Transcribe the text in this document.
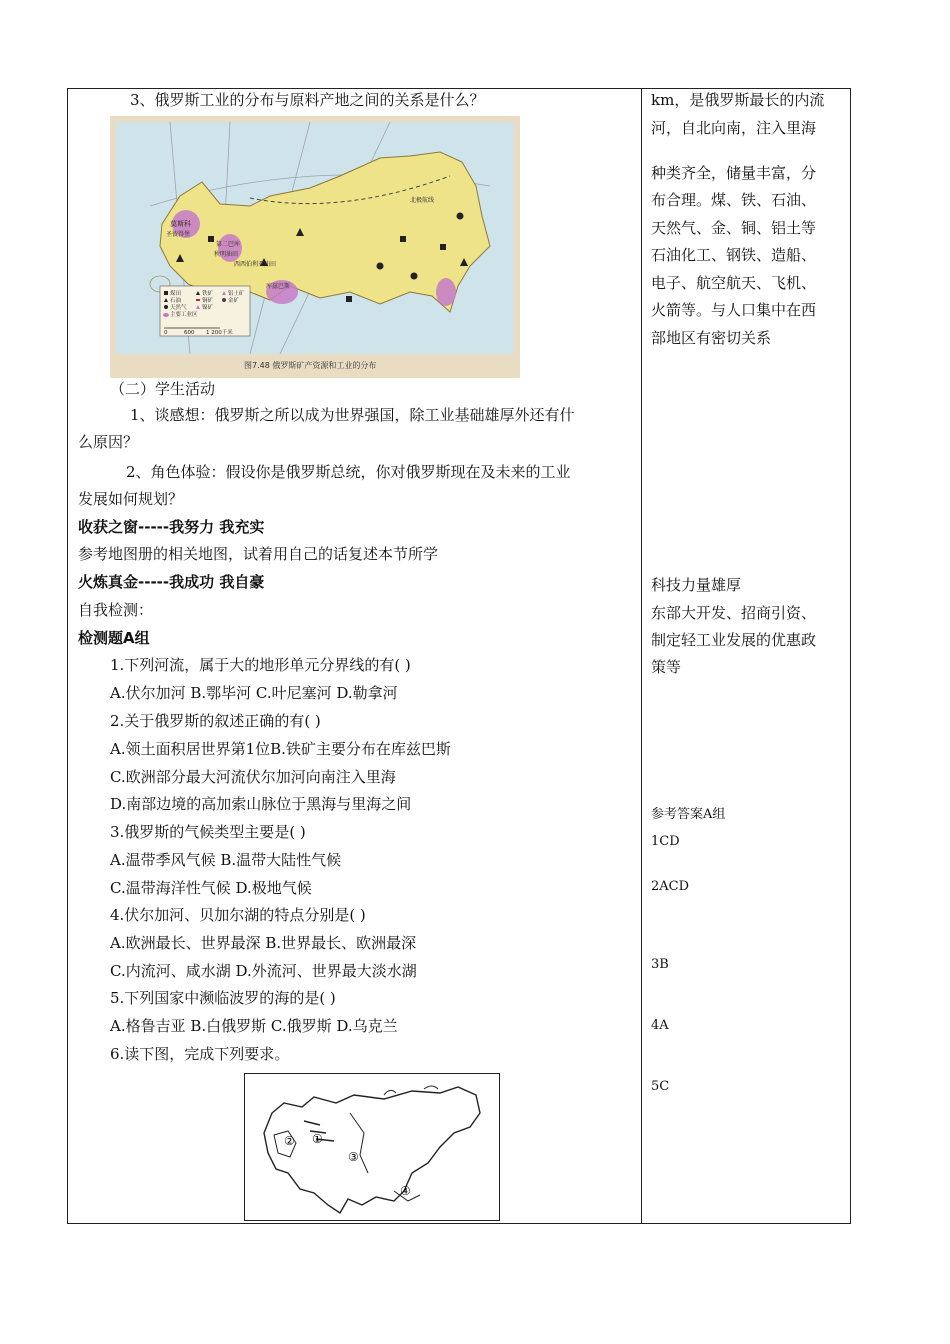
3、俄罗斯工业的分布与原料产地之间的关系是什么？
莫斯科
圣彼得堡
第二巴库
库兹巴斯
西西伯利亚油田
秋明油田
北极航线
煤田
石油
天然气
主要工业区
铁矿
铜矿
镍矿
铝土矿
金矿
0	600 1 200千米
图7.48 俄罗斯矿产资源和工业的分布
（二）学生活动
1、谈感想：俄罗斯之所以成为世界强国，除工业基础雄厚外还有什
么原因？
2、角色体验：假设你是俄罗斯总统，你对俄罗斯现在及未来的工业
发展如何规划？
收获之窗-----我努力 我充实
参考地图册的相关地图，试着用自己的话复述本节所学
火炼真金-----我成功 我自豪
自我检测：
检测题A组
1.下列河流，属于大的地形单元分界线的有( )
A.伏尔加河 B.鄂毕河 C.叶尼塞河 D.勒拿河
2.关于俄罗斯的叙述正确的有( )
A.领土面积居世界第1位B.铁矿主要分布在库兹巴斯
C.欧洲部分最大河流伏尔加河向南注入里海
D.南部边境的高加索山脉位于黑海与里海之间
3.俄罗斯的气候类型主要是( )
A.温带季风气候 B.温带大陆性气候
C.温带海洋性气候 D.极地气候
4.伏尔加河、贝加尔湖的特点分别是( )
A.欧洲最长、世界最深 B.世界最长、欧洲最深
C.内流河、咸水湖 D.外流河、世界最大淡水湖
5.下列国家中濒临波罗的海的是( )
A.格鲁吉亚 B.白俄罗斯 C.俄罗斯 D.乌克兰
6.读下图，完成下列要求。
② ①
③
④
km，是俄罗斯最长的内流
河，自北向南，注入里海
种类齐全，储量丰富，分
布合理。煤、铁、石油、
天然气、金、铜、铝土等
石油化工、钢铁、造船、
电子、航空航天、飞机、
火箭等。与人口集中在西
部地区有密切关系
科技力量雄厚
东部大开发、招商引资、
制定轻工业发展的优惠政
策等
参考答案A组
1CD
2ACD
3B
4A
5C
